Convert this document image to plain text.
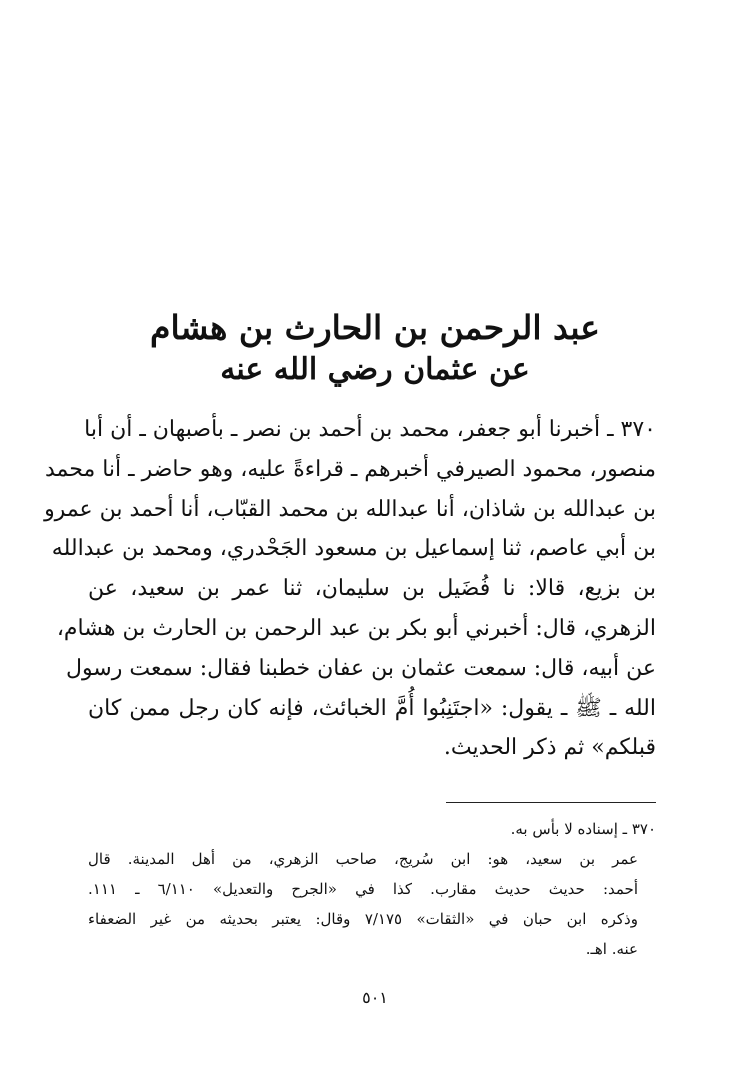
عبد الرحمن بن الحارث بن هشام
عن عثمان رضي الله عنه
٣٧٠ ـ أخبرنا أبو جعفر، محمد بن أحمد بن نصر ـ بأصبهان ـ أن أبا
منصور، محمود الصيرفي أخبرهم ـ قراءةً عليه، وهو حاضر ـ أنا محمد
بن عبدالله بن شاذان، أنا عبدالله بن محمد القبّاب، أنا أحمد بن عمرو
بن أبي عاصم، ثنا إسماعيل بن مسعود الجَحْدري، ومحمد بن عبدالله
بن بزيع، قالا: نا فُضَيل بن سليمان، ثنا عمر بن سعيد، عن
الزهري، قال: أخبرني أبو بكر بن عبد الرحمن بن الحارث بن هشام،
عن أبيه، قال: سمعت عثمان بن عفان خطبنا فقال: سمعت رسول
الله ـ ﷺ ـ يقول: «اجتَنِبُوا أُمَّ الخبائث، فإنه كان رجل ممن كان
قبلكم» ثم ذكر الحديث.
٣٧٠ ـ إسناده لا بأس به.
عمر بن سعيد، هو: ابن سُريج، صاحب الزهري، من أهل المدينة. قال
أحمد: حديث حديث مقارب. كذا في «الجرح والتعديل» ٦/١١٠ ـ ١١١.
وذكره ابن حبان في «الثقات» ٧/١٧٥ وقال: يعتبر بحديثه من غير الضعفاء
عنه. اهـ.
٥٠١
